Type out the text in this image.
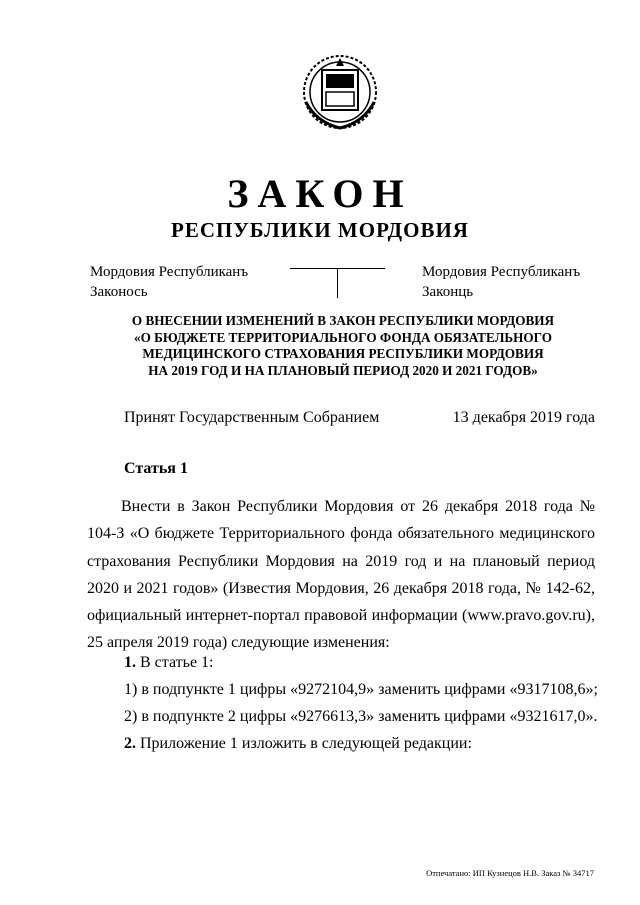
ЗАКОН
РЕСПУБЛИКИ МОРДОВИЯ
Мордовия Республиканъ
Законось
Мордовия Республиканъ
Законць
О ВНЕСЕНИИ ИЗМЕНЕНИЙ В ЗАКОН РЕСПУБЛИКИ МОРДОВИЯ
«О БЮДЖЕТЕ ТЕРРИТОРИАЛЬНОГО ФОНДА ОБЯЗАТЕЛЬНОГО
МЕДИЦИНСКОГО СТРАХОВАНИЯ РЕСПУБЛИКИ МОРДОВИЯ
НА 2019 ГОД И НА ПЛАНОВЫЙ ПЕРИОД 2020 И 2021 ГОДОВ»
Принят Государственным Собранием	13 декабря 2019 года
Статья 1

Внести в Закон Республики Мордовия от 26 декабря 2018 года № 104-З «О бюджете Территориального фонда обязательного медицинского страхования Республики Мордовия на 2019 год и на плановый период 2020 и 2021 годов» (Известия Мордовия, 26 декабря 2018 года, № 142-62, официальный интернет-портал правовой информации (www.pravo.gov.ru), 25 апреля 2019 года) следующие изменения:

1. В статье 1:
1) в подпункте 1 цифры «9272104,9» заменить цифрами «9317108,6»;
2) в подпункте 2 цифры «9276613,3» заменить цифрами «9321617,0».
2. Приложение 1 изложить в следующей редакции:
Отпечатано: ИП Кузнецов Н.В. Заказ № 34717
